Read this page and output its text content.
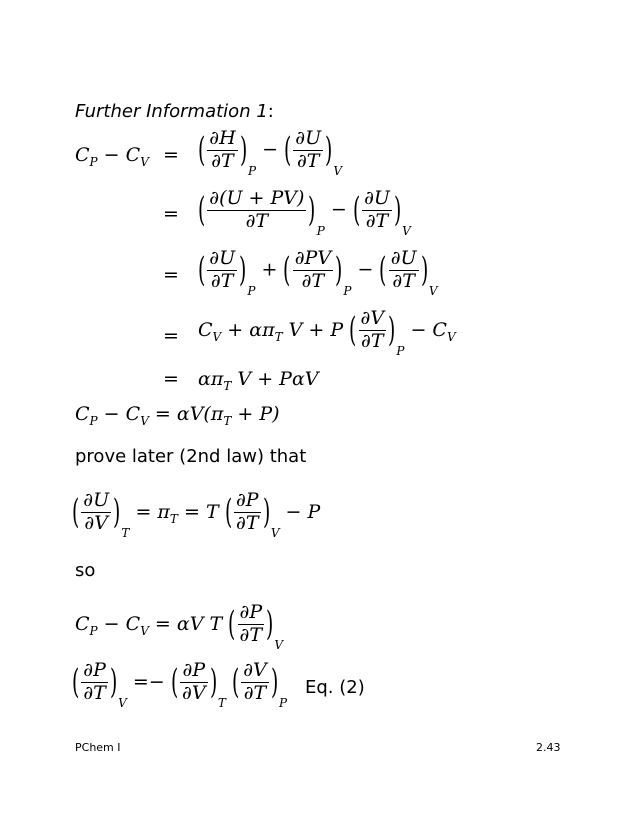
Further Information 1:
$C_P - C_V$ = ( $\frac{\partial H}{\partial T} )_P$ − ( $\frac{\partial U}{\partial T} )_V$
= ( $\frac{\partial(U + PV)}{\partial T} )_P$ − ( $\frac{\partial U}{\partial T} )_V$
= ( $\frac{\partial U}{\partial T} )_P$ + ( $\frac{\partial PV}{\partial T} )_P$ − ( $\frac{\partial U}{\partial T} )_V$
= $C_V + \alpha\pi_T$ V + P ( $\frac{\partial V}{\partial T} )_P - C_V$
= $\alpha\pi_T$ V + PαV
$C_P - C_V = \alpha V(\pi_T + P)$
prove later (2nd law) that
( $\frac{\partial U}{\partial V} )_T = \pi_T = T$ ( $\frac{\partial P}{\partial T} )_V - P$
so
$C_P - C_V = \alpha V$ T ( $\frac{\partial P}{\partial T} )_V$
( $\frac{\partial P}{\partial T} )_V$ =− ( $\frac{\partial P}{\partial V} )_T$ ( $\frac{\partial V}{\partial T} )_P$
Eq. (2)
PChem I	2.43
